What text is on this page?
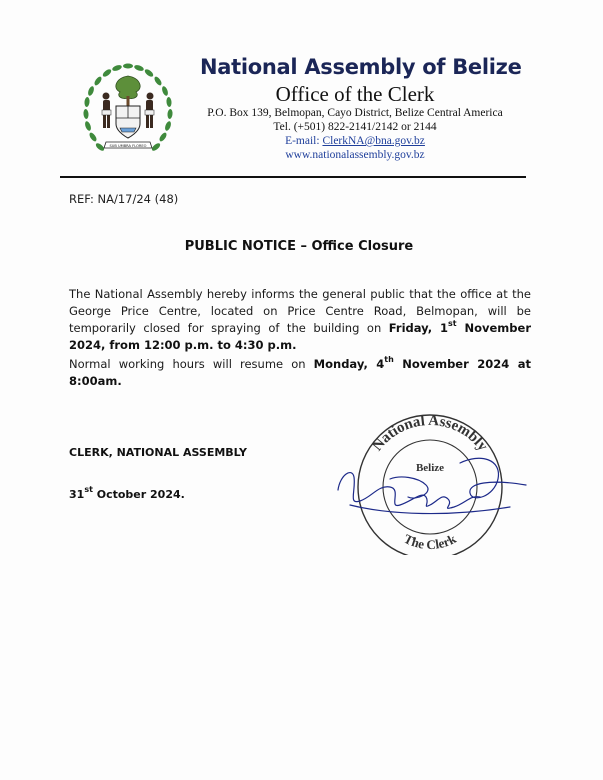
SUB UMBRA FLOREO
National Assembly of Belize
Office of the Clerk
P.O. Box 139, Belmopan, Cayo District, Belize Central America
Tel. (+501) 822-2141/2142 or 2144
E-mail: ClerkNA@bna.gov.bz
www.nationalassembly.gov.bz
REF: NA/17/24 (48)
PUBLIC NOTICE – Office Closure
The National Assembly hereby informs the general public that the office at the George Price Centre, located on Price Centre Road, Belmopan, will be temporarily closed for spraying of the building on Friday, 1st November 2024, from 12:00 p.m. to 4:30 p.m.
Normal working hours will resume on Monday, 4th November 2024 at 8:00am.
CLERK, NATIONAL ASSEMBLY
31st October 2024.
National Assembly
Belize
The Clerk
